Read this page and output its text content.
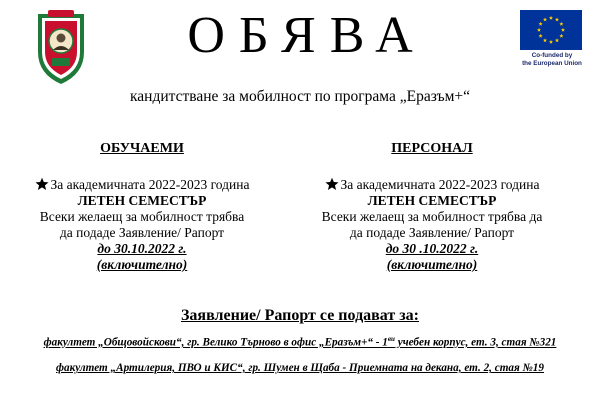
Co-funded by
the European Union
ОБЯВА
кандитстване за мобилност по програма „Еразъм+“
ОБУЧАЕМИ
За академичната 2022-2023 година
ЛЕТЕН СЕМЕСТЪР
Всеки желаещ за мобилност трябва
да подаде Заявление/ Рапорт
до 30.10.2022 г.
(включително)
ПЕРСОНАЛ
За академичната 2022-2023 година
ЛЕТЕН СЕМЕСТЪР
Всеки желаещ за мобилност трябва да
да подаде Заявление/ Рапорт
до 30 .10.2022 г.
(включително)
Заявление/ Рапорт се подават за:
факултет „Общовойскови“, гр. Велико Търново в офис „Еразъм+“ - $1^{ви}$ учебен корпус, ет. 3, стая №321
факултет „Артилерия, ПВО и КИС“, гр. Шумен в Щаба - Приемната на декана, ет. 2, стая №19
